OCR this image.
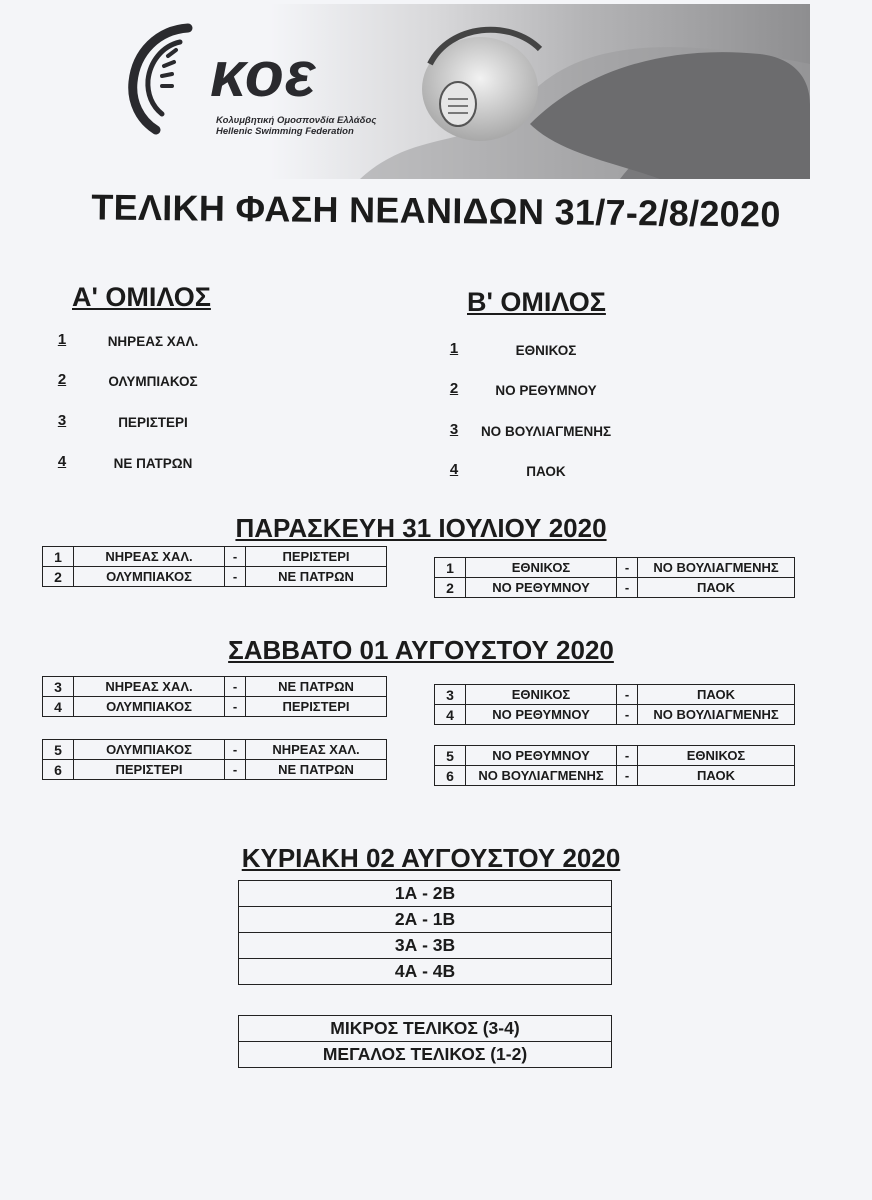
κοε
Κολυμβητική Ομοσπονδία Ελλάδος
Hellenic Swimming Federation
ΤΕΛΙΚΗ ΦΑΣΗ ΝΕΑΝΙΔΩΝ 31/7-2/8/2020
Α' ΟΜΙΛΟΣ
1	ΝΗΡΕΑΣ ΧΑΛ.
2	ΟΛΥΜΠΙΑΚΟΣ
3	ΠΕΡΙΣΤΕΡΙ
4	ΝΕ ΠΑΤΡΩΝ
Β' ΟΜΙΛΟΣ
1	ΕΘΝΙΚΟΣ
2	ΝΟ ΡΕΘΥΜΝΟΥ
3	ΝΟ ΒΟΥΛΙΑΓΜΕΝΗΣ
4	ΠΑΟΚ
ΠΑΡΑΣΚΕΥΗ 31 ΙΟΥΛΙΟΥ 2020
1	ΝΗΡΕΑΣ ΧΑΛ.	-	ΠΕΡΙΣΤΕΡΙ
2	ΟΛΥΜΠΙΑΚΟΣ	-	ΝΕ ΠΑΤΡΩΝ
1	ΕΘΝΙΚΟΣ	-	ΝΟ ΒΟΥΛΙΑΓΜΕΝΗΣ
2	ΝΟ ΡΕΘΥΜΝΟΥ	-	ΠΑΟΚ
ΣΑΒΒΑΤΟ 01 ΑΥΓΟΥΣΤΟΥ 2020
3	ΝΗΡΕΑΣ ΧΑΛ.	-	ΝΕ ΠΑΤΡΩΝ
4	ΟΛΥΜΠΙΑΚΟΣ	-	ΠΕΡΙΣΤΕΡΙ
3	ΕΘΝΙΚΟΣ	-	ΠΑΟΚ
4	ΝΟ ΡΕΘΥΜΝΟΥ	-	ΝΟ ΒΟΥΛΙΑΓΜΕΝΗΣ
5	ΟΛΥΜΠΙΑΚΟΣ	-	ΝΗΡΕΑΣ ΧΑΛ.
6	ΠΕΡΙΣΤΕΡΙ	-	ΝΕ ΠΑΤΡΩΝ
5	ΝΟ ΡΕΘΥΜΝΟΥ	-	ΕΘΝΙΚΟΣ
6	ΝΟ ΒΟΥΛΙΑΓΜΕΝΗΣ	-	ΠΑΟΚ
ΚΥΡΙΑΚΗ 02 ΑΥΓΟΥΣΤΟΥ 2020
1Α - 2Β
2Α - 1Β
3Α - 3Β
4Α - 4Β
ΜΙΚΡΟΣ ΤΕΛΙΚΟΣ (3-4)
ΜΕΓΑΛΟΣ ΤΕΛΙΚΟΣ (1-2)
